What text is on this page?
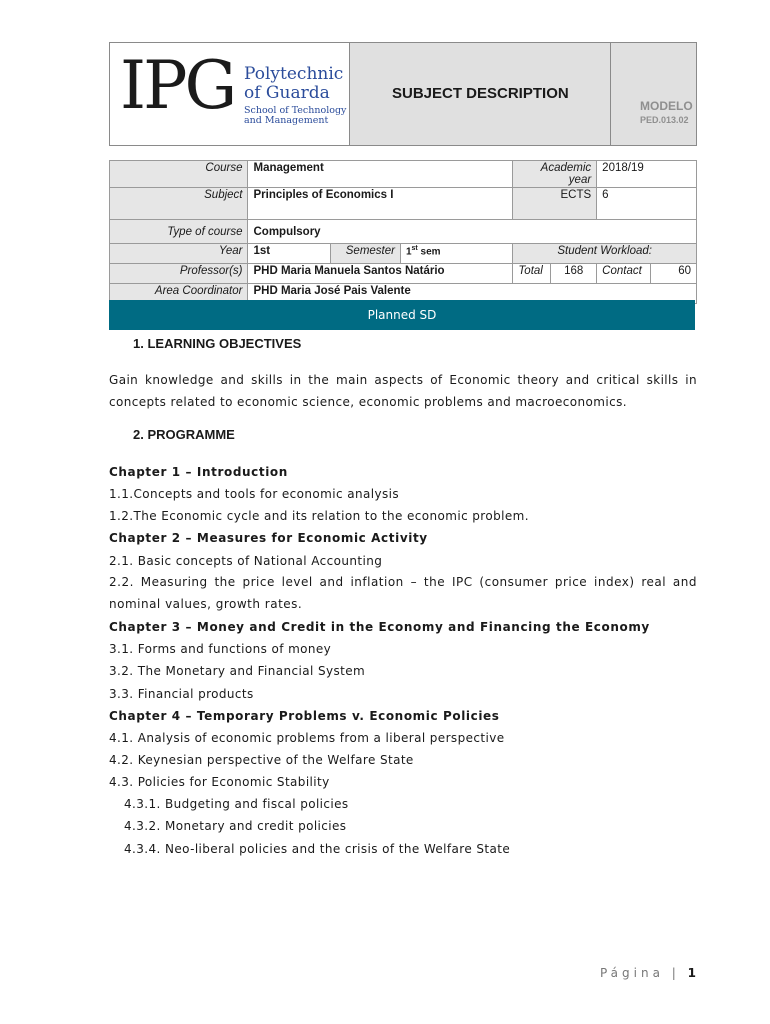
IPG Polytechnic
of Guarda
School of Technology
and Management
SUBJECT DESCRIPTION
MODELO
PED.013.02
Course	Management			Academic year		2018/19	
Subject	Principles of Economics I			ECTS		6	
Type of course	Compulsory						
Year	1st	Semester	1st sem	Student Workload:			
Professor(s)	PHD Maria Manuela Santos Natário			Total	168	Contact	60
Area Coordinator	PHD Maria José Pais Valente						
Planned SD
1. LEARNING OBJECTIVES
Gain knowledge and skills in the main aspects of Economic theory and critical skills in concepts related to economic science, economic problems and macroeconomics.
2. PROGRAMME
Chapter 1 – Introduction
1.1.Concepts and tools for economic analysis
1.2.The Economic cycle and its relation to the economic problem.
Chapter 2 – Measures for Economic Activity
2.1. Basic concepts of National Accounting
2.2. Measuring the price level and inflation – the IPC (consumer price index) real and nominal values, growth rates.
Chapter 3 – Money and Credit in the Economy and Financing the Economy
3.1. Forms and functions of money
3.2. The Monetary and Financial System
3.3. Financial products
Chapter 4 – Temporary Problems v. Economic Policies
4.1. Analysis of economic problems from a liberal perspective
4.2. Keynesian perspective of the Welfare State
4.3. Policies for Economic Stability
4.3.1. Budgeting and fiscal policies
4.3.2. Monetary and credit policies
4.3.4. Neo-liberal policies and the crisis of the Welfare State
Página | 1
